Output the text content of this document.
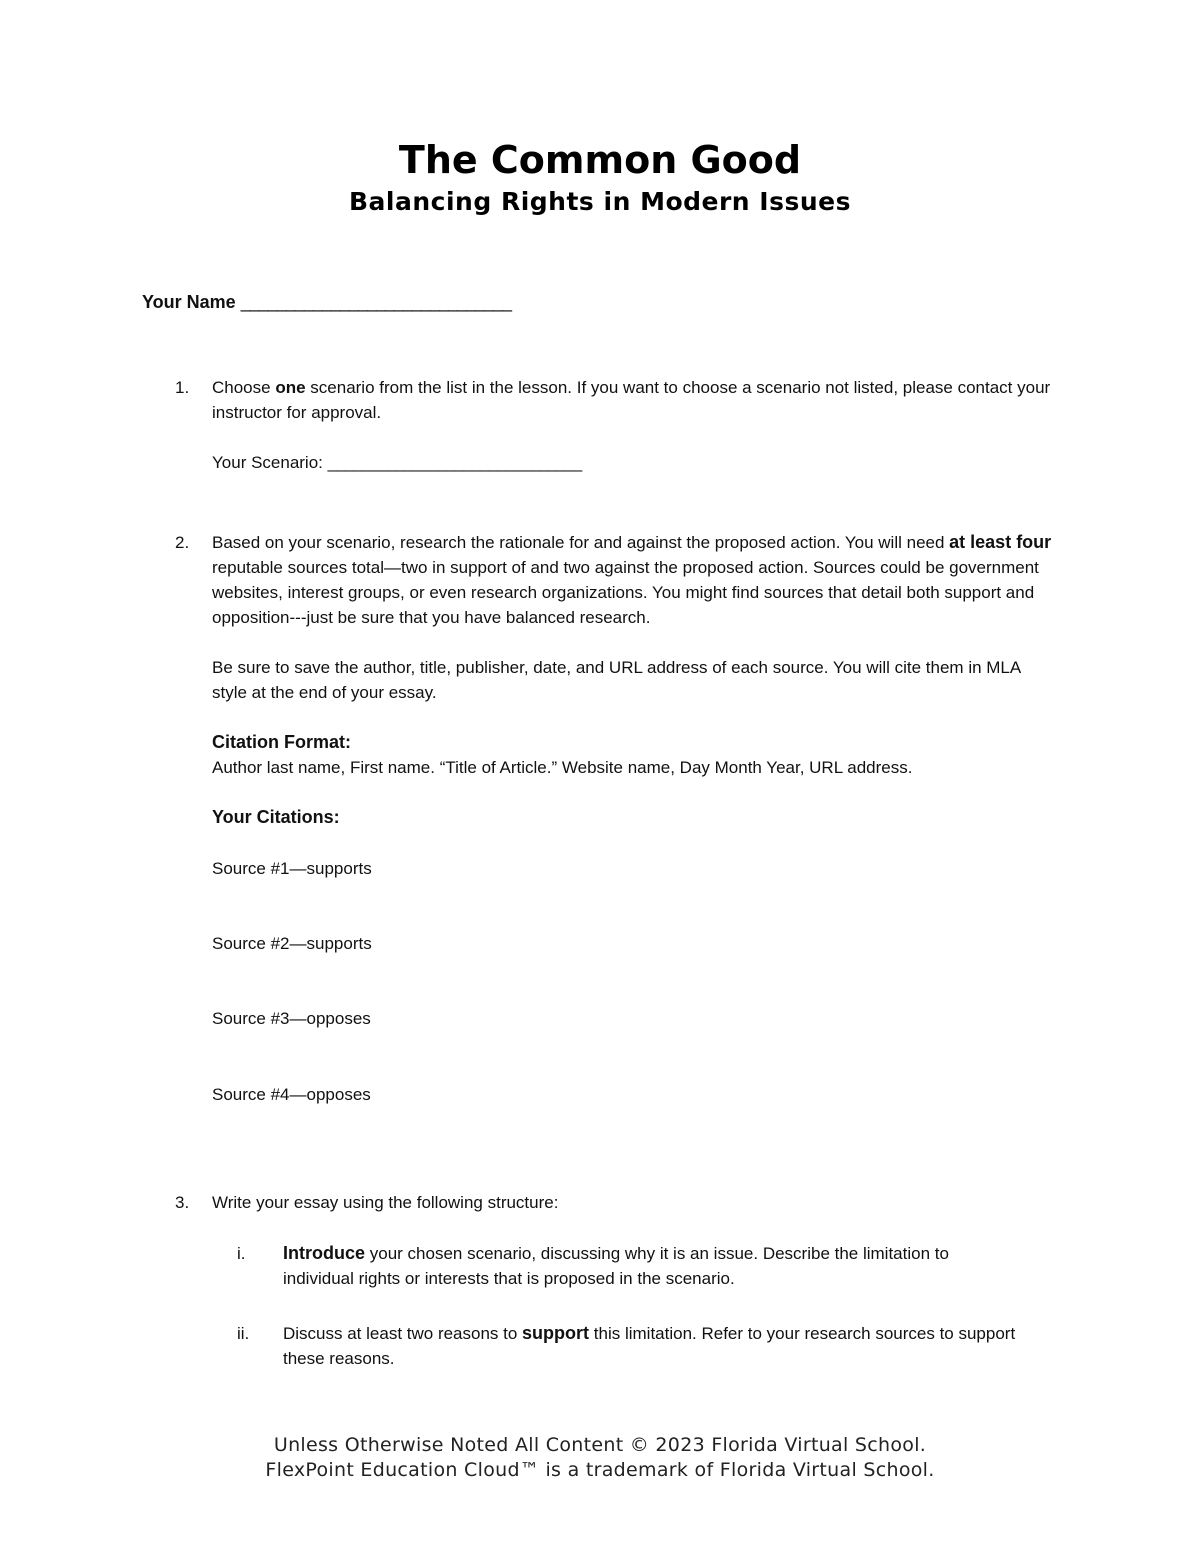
The Common Good
Balancing Rights in Modern Issues
Your Name ______________________________
1. Choose one scenario from the list in the lesson. If you want to choose a scenario not listed, please contact your instructor for approval.

Your Scenario: ______________________________

2. Based on your scenario, research the rationale for and against the proposed action. You will need at least four reputable sources total—two in support of and two against the proposed action. Sources could be government websites, interest groups, or even research organizations. You might find sources that detail both support and opposition---just be sure that you have balanced research.

Be sure to save the author, title, publisher, date, and URL address of each source. You will cite them in MLA style at the end of your essay.

Citation Format:

Author last name, First name. “Title of Article.” Website name, Day Month Year, URL address.

Your Citations:
Source #1—supports
Source #2—supports
Source #3—opposes
Source #4—opposes
3. Write your essay using the following structure:

i. Introduce your chosen scenario, discussing why it is an issue. Describe the limitation to individual rights or interests that is proposed in the scenario.

ii. Discuss at least two reasons to support this limitation. Refer to your research sources to support these reasons.

Unless Otherwise Noted All Content © 2023 Florida Virtual School.
FlexPoint Education Cloud™ is a trademark of Florida Virtual School.
